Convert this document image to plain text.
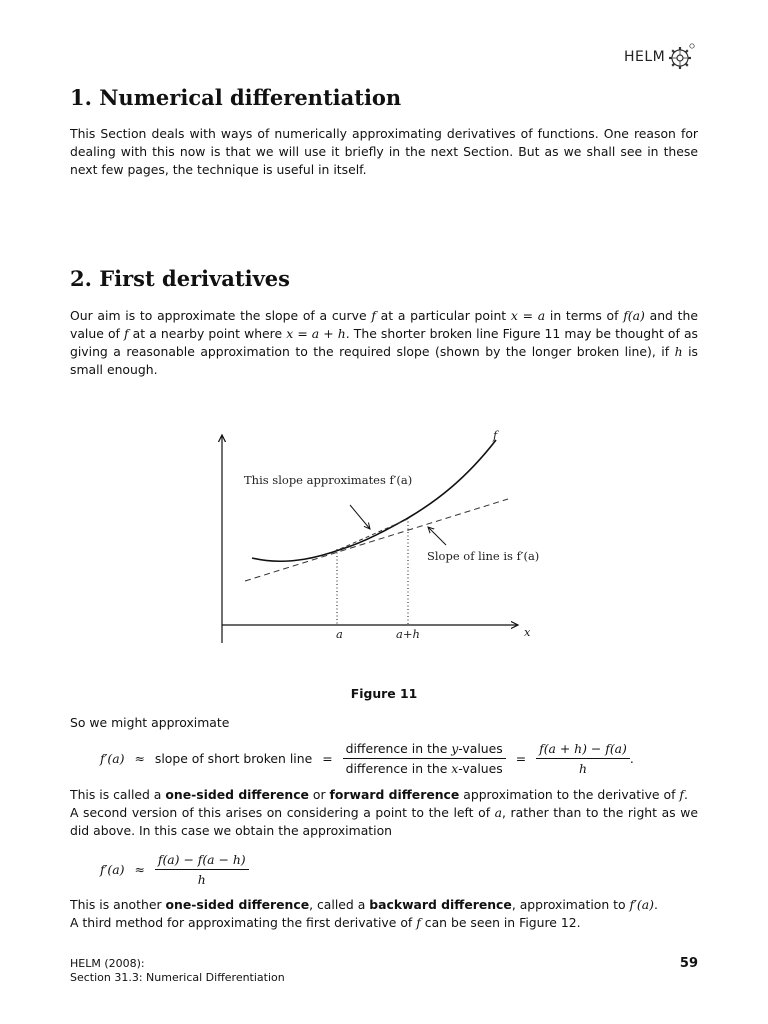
HELM
1. Numerical differentiation

This Section deals with ways of numerically approximating derivatives of functions. One reason for dealing with this now is that we will use it briefly in the next Section. But as we shall see in these next few pages, the technique is useful in itself.

2. First derivatives

Our aim is to approximate the slope of a curve f at a particular point x = a in terms of f(a) and the value of f at a nearby point where x = a + h. The shorter broken line Figure 11 may be thought of as giving a reasonable approximation to the required slope (shown by the longer broken line), if h is small enough.

f
This slope approximates f′(a)
Slope of line is f′(a)
x
a	a+h
Figure 11

So we might approximate

f′(a) ≈ slope of short broken line = $\frac{\text{difference in the y-values}}{\text{difference in the x-values}} = \frac{f(a + h) - f(a)}{h}$ .

This is called a one-sided difference or forward difference approximation to the derivative of f.
A second version of this arises on considering a point to the left of a, rather than to the right as we did above. In this case we obtain the approximation

$f'(a) \approx \frac{f(a) - f(a - h)}{h}$

This is another one-sided difference, called a backward difference, approximation to f′(a).
A third method for approximating the first derivative of f can be seen in Figure 12.

HELM (2008):
Section 31.3: Numerical Differentiation
59
